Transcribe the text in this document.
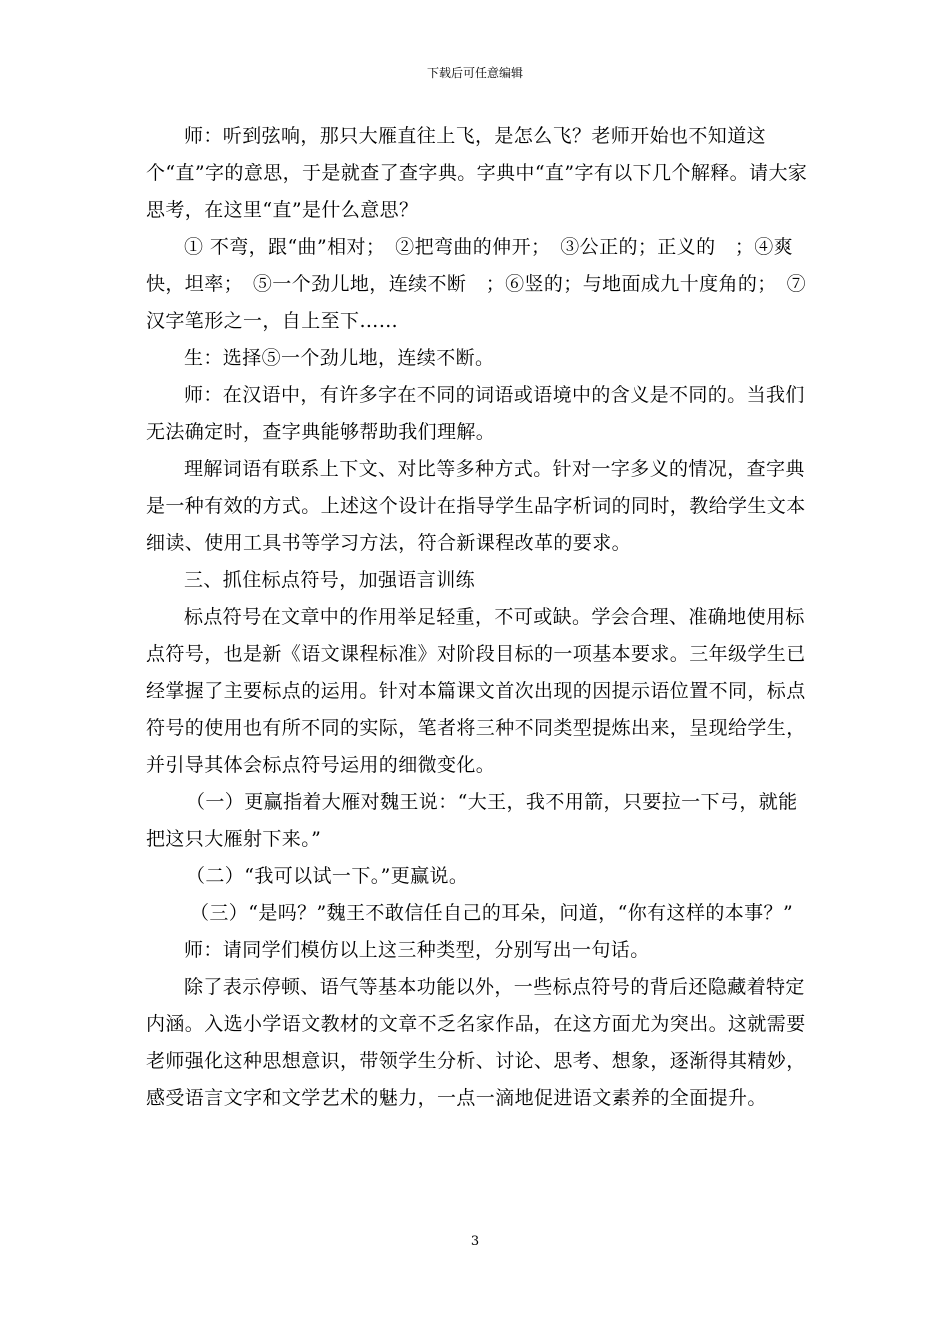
下载后可任意编辑

师：听到弦响，那只大雁直往上飞，是怎么飞？老师开始也不知道这个“直”字的意思，于是就查了查字典。字典中“直”字有以下几个解释。请大家思考，在这里“直”是什么意思？

① 不弯，跟“曲”相对；　②把弯曲的伸开；　③公正的；正义的　；④爽快，坦率；　⑤一个劲儿地，连续不断　；⑥竖的；与地面成九十度角的；　⑦汉字笔形之一，自上至下……

生：选择⑤一个劲儿地，连续不断。

师：在汉语中，有许多字在不同的词语或语境中的含义是不同的。当我们无法确定时，查字典能够帮助我们理解。

理解词语有联系上下文、对比等多种方式。针对一字多义的情况，查字典是一种有效的方式。上述这个设计在指导学生品字析词的同时，教给学生文本细读、使用工具书等学习方法，符合新课程改革的要求。

三、抓住标点符号，加强语言训练

标点符号在文章中的作用举足轻重，不可或缺。学会合理、准确地使用标点符号，也是新《语文课程标准》对阶段目标的一项基本要求。三年级学生已经掌握了主要标点的运用。针对本篇课文首次出现的因提示语位置不同，标点符号的使用也有所不同的实际，笔者将三种不同类型提炼出来，呈现给学生，并引导其体会标点符号运用的细微变化。

（一）更赢指着大雁对魏王说：“大王，我不用箭，只要拉一下弓，就能把这只大雁射下来。”

（二）“我可以试一下。”更赢说。

（三）“是吗？”魏王不敢信任自己的耳朵，问道，“你有这样的本事？”

师：请同学们模仿以上这三种类型，分别写出一句话。

除了表示停顿、语气等基本功能以外，一些标点符号的背后还隐藏着特定内涵。入选小学语文教材的文章不乏名家作品，在这方面尤为突出。这就需要老师强化这种思想意识，带领学生分析、讨论、思考、想象，逐渐得其精妙，感受语言文字和文学艺术的魅力，一点一滴地促进语文素养的全面提升。

3
